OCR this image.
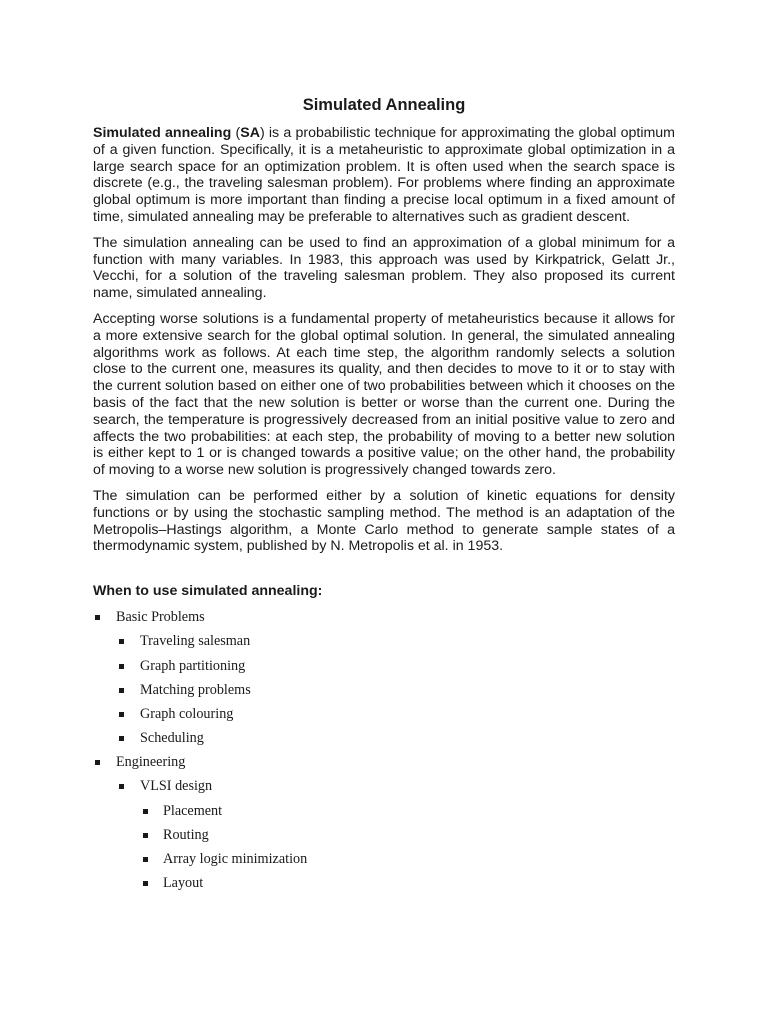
Simulated Annealing

Simulated annealing (SA) is a probabilistic technique for approximating the global optimum of a given function. Specifically, it is a metaheuristic to approximate global optimization in a large search space for an optimization problem. It is often used when the search space is discrete (e.g., the traveling salesman problem). For problems where finding an approximate global optimum is more important than finding a precise local optimum in a fixed amount of time, simulated annealing may be preferable to alternatives such as gradient descent.

The simulation annealing can be used to find an approximation of a global minimum for a function with many variables. In 1983, this approach was used by Kirkpatrick, Gelatt Jr., Vecchi, for a solution of the traveling salesman problem. They also proposed its current name, simulated annealing.

Accepting worse solutions is a fundamental property of metaheuristics because it allows for a more extensive search for the global optimal solution. In general, the simulated annealing algorithms work as follows. At each time step, the algorithm randomly selects a solution close to the current one, measures its quality, and then decides to move to it or to stay with the current solution based on either one of two probabilities between which it chooses on the basis of the fact that the new solution is better or worse than the current one. During the search, the temperature is progressively decreased from an initial positive value to zero and affects the two probabilities: at each step, the probability of moving to a better new solution is either kept to 1 or is changed towards a positive value; on the other hand, the probability of moving to a worse new solution is progressively changed towards zero.

The simulation can be performed either by a solution of kinetic equations for density functions or by using the stochastic sampling method. The method is an adaptation of the Metropolis–Hastings algorithm, a Monte Carlo method to generate sample states of a thermodynamic system, published by N. Metropolis et al. in 1953.

When to use simulated annealing:
Basic Problems
Traveling salesman
Graph partitioning
Matching problems
Graph colouring
Scheduling
Engineering
VLSI design
Placement
Routing
Array logic minimization
Layout
